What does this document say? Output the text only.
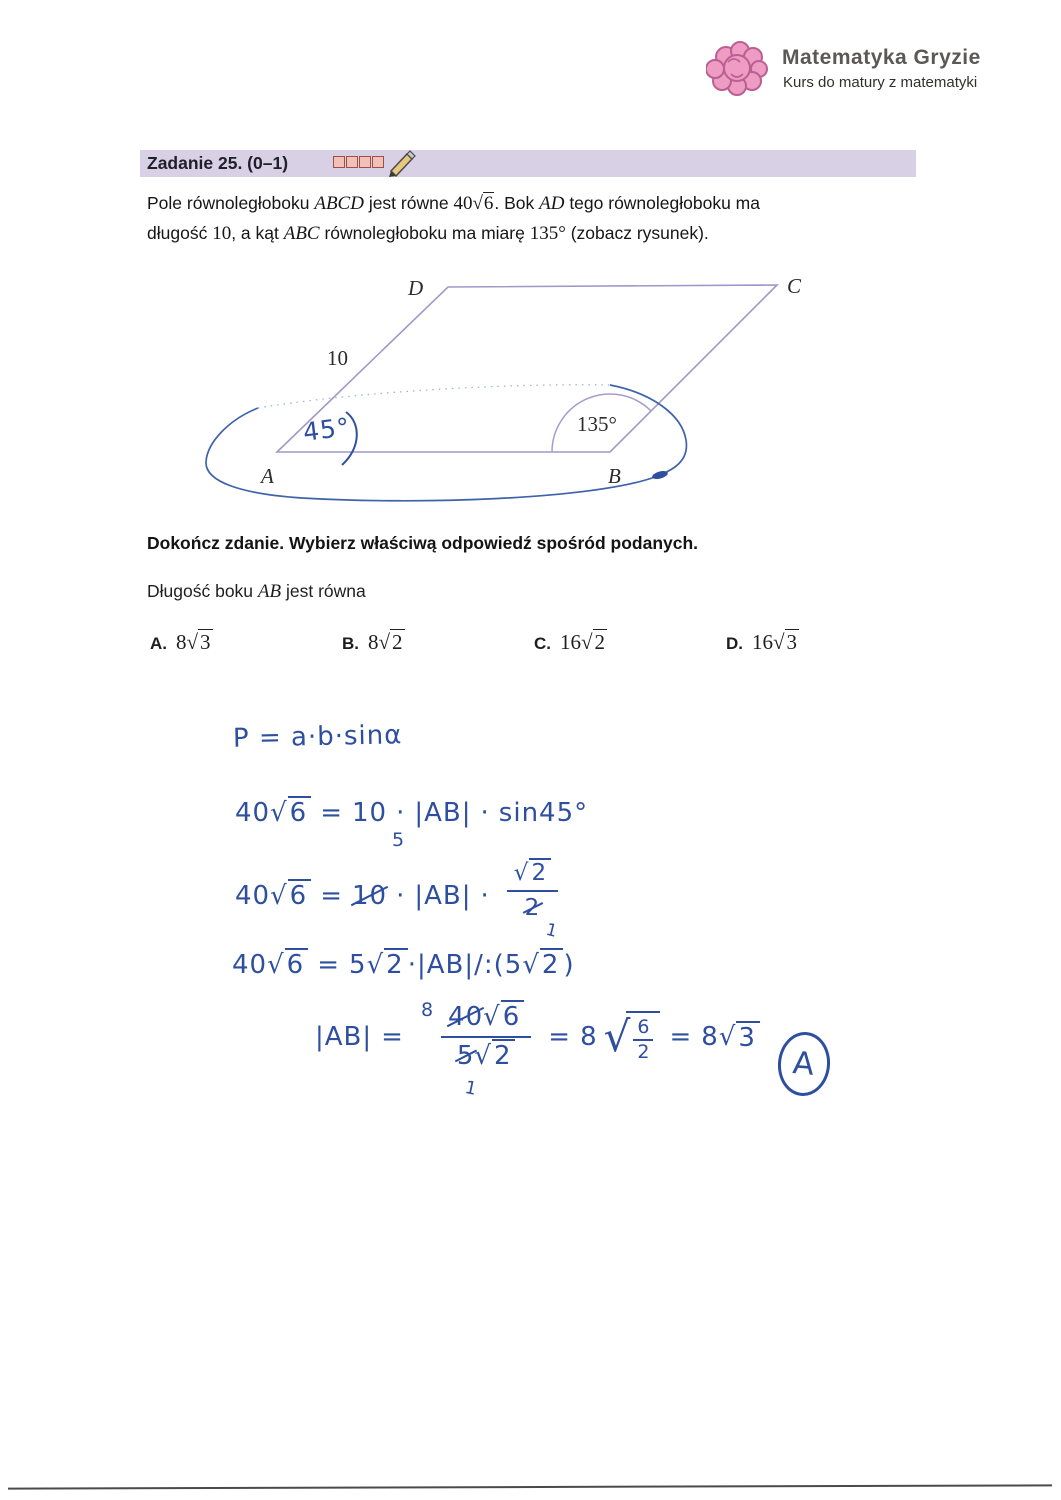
Matematyka Gryzie
Kurs do matury z matematyki
Zadanie 25. (0–1)
Pole równoległoboku ABCD jest równe 40√6. Bok AD tego równoległoboku ma
długość 10, a kąt ABC równoległoboku ma miarę 135° (zobacz rysunek).
D	C
A	B
10
135°
45°
Dokończ zdanie. Wybierz właściwą odpowiedź spośród podanych.
Długość boku AB jest równa
A. 8√3	B. 8√2	C. 16√2	D. 16√3
P = a·b·sinα
40√6 = 10
5
· |AB| · sin45°
40√6 = 10 · |AB| · √2
2
1
40√6 = 5√2 ·|AB|/:(5√2 )
|AB| =
8 40√6
5√2
1 = 8 √
$\frac{6}{2} = 8$ √ 3
A
